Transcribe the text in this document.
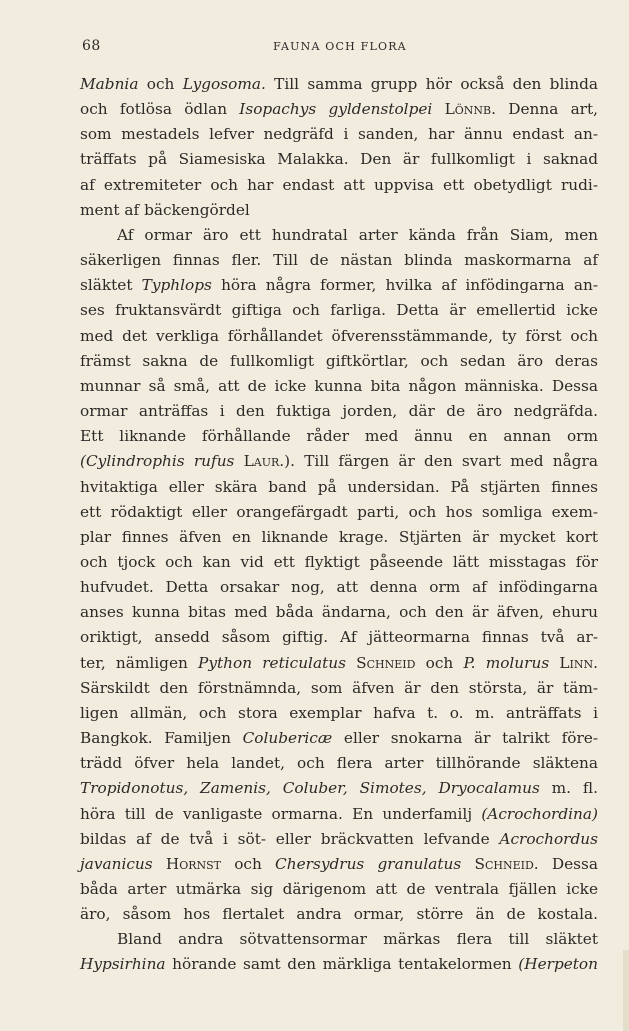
68	FAUNA OCH FLORA
Mabnia och Lygosoma. Till samma grupp hör också den blinda
och fotlösa ödlan Isopachys gyldenstolpei Lönnb. Denna art,
som mestadels lefver nedgräfd i sanden, har ännu endast an-
träffats på Siamesiska Malakka. Den är fullkomligt i saknad
af extremiteter och har endast att uppvisa ett obetydligt rudi-
ment af bäckengördel
Af ormar äro ett hundratal arter kända från Siam, men
säkerligen finnas fler. Till de nästan blinda maskormarna af
släktet Typhlops höra några former, hvilka af infödingarna an-
ses fruktansvärdt giftiga och farliga. Detta är emellertid icke
med det verkliga förhållandet öfverensstämmande, ty först och
främst sakna de fullkomligt giftkörtlar, och sedan äro deras
munnar så små, att de icke kunna bita någon människa. Dessa
ormar anträffas i den fuktiga jorden, där de äro nedgräfda.
Ett liknande förhållande råder med ännu en annan orm
(Cylindrophis rufus Laur.). Till färgen är den svart med några
hvitaktiga eller skära band på undersidan. På stjärten finnes
ett rödaktigt eller orangefärgadt parti, och hos somliga exem-
plar finnes äfven en liknande krage. Stjärten är mycket kort
och tjock och kan vid ett flyktigt påseende lätt misstagas för
hufvudet. Detta orsakar nog, att denna orm af infödingarna
anses kunna bitas med båda ändarna, och den är äfven, ehuru
oriktigt, ansedd såsom giftig. Af jätteormarna finnas två ar-
ter, nämligen Python reticulatus Schneid och P. molurus Linn.
Särskildt den förstnämnda, som äfven är den största, är täm-
ligen allmän, och stora exemplar hafva t. o. m. anträffats i
Bangkok. Familjen Colubericæ eller snokarna är talrikt före-
trädd öfver hela landet, och flera arter tillhörande släktena
Tropidonotus, Zamenis, Coluber, Simotes, Dryocalamus m. fl.
höra till de vanligaste ormarna. En underfamilj (Acrochordina)
bildas af de två i söt- eller bräckvatten lefvande Acrochordus
javanicus Hornst och Chersydrus granulatus Schneid. Dessa
båda arter utmärka sig därigenom att de ventrala fjällen icke
äro, såsom hos flertalet andra ormar, större än de kostala.
Bland andra sötvattensormar märkas flera till släktet
Hypsirhina hörande samt den märkliga tentakelormen (Herpeton
